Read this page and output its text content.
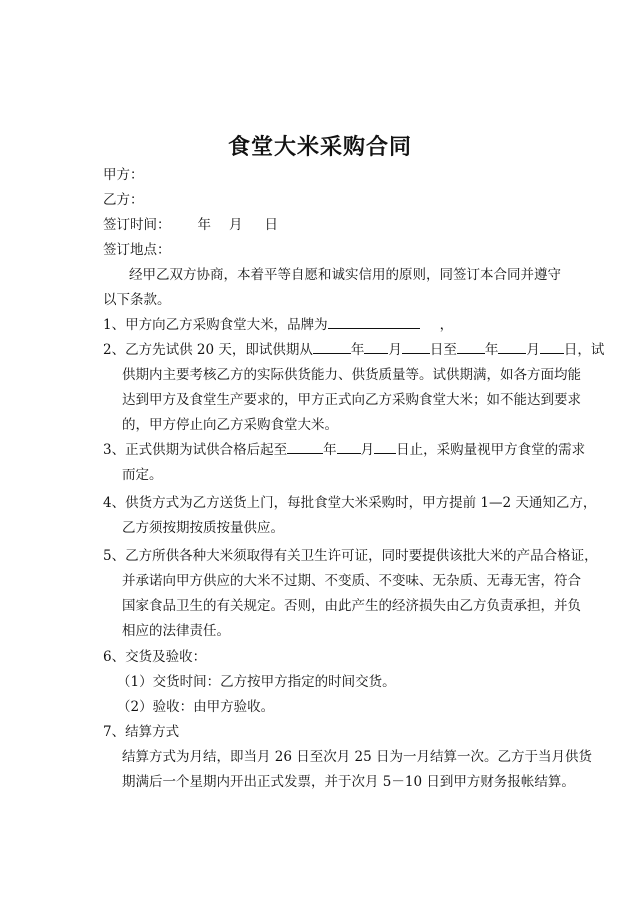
食堂大米采购合同
甲方：
乙方：
签订时间： 年 月 日
签订地点：
经甲乙双方协商，本着平等自愿和诚实信用的原则，同签订本合同并遵守
以下条款。
1、甲方向乙方采购食堂大米，品牌为	，
2、乙方先试供 20 天，即试供期从	年 月 日至 年 月 日，试
供期内主要考核乙方的实际供货能力、供货质量等。试供期满，如各方面均能
达到甲方及食堂生产要求的，甲方正式向乙方采购食堂大米；如不能达到要求
的，甲方停止向乙方采购食堂大米。
3、正式供期为试供合格后起至	年 月 日止，采购量视甲方食堂的需求
而定。
4、供货方式为乙方送货上门，每批食堂大米采购时，甲方提前 1—2 天通知乙方，
乙方须按期按质按量供应。
5、乙方所供各种大米须取得有关卫生许可证，同时要提供该批大米的产品合格证，
并承诺向甲方供应的大米不过期、不变质、不变味、无杂质、无毒无害，符合
国家食品卫生的有关规定。否则，由此产生的经济损失由乙方负责承担，并负
相应的法律责任。
6、交货及验收：
（1）交货时间：乙方按甲方指定的时间交货。
（2）验收：由甲方验收。
7、结算方式
结算方式为月结，即当月 26 日至次月 25 日为一月结算一次。乙方于当月供货
期满后一个星期内开出正式发票，并于次月 5－10 日到甲方财务报帐结算。
